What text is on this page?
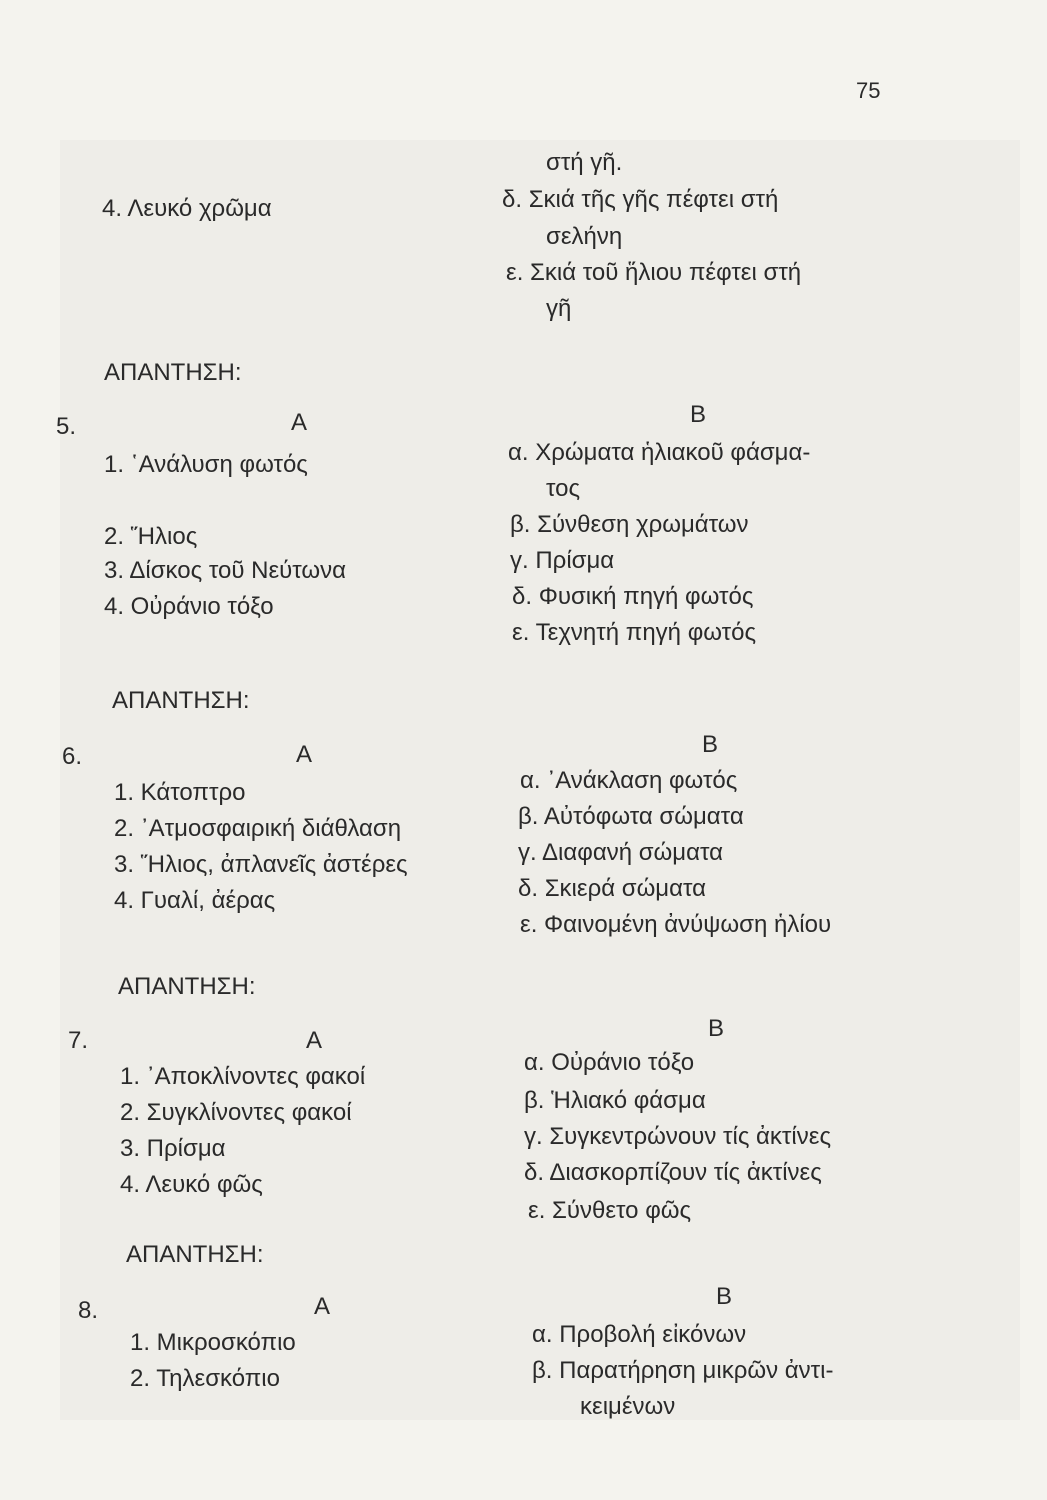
75
4. Λευκό χρῶμα
στή γῆ.
δ. Σκιά τῆς γῆς πέφτει στή
σελήνη
ε. Σκιά τοῦ ἥλιου πέφτει στή
γῆ
ΑΠΑΝΤΗΣΗ:
5.	Α	Β
1. ῾Ανάλυση φωτός
2. Ἥλιος
3. Δίσκος τοῦ Νεύτωνα
4. Οὐράνιο τόξο
α. Χρώματα ἡλιακοῦ φάσμα-
τος
β. Σύνθεση χρωμάτων
γ. Πρίσμα
δ. Φυσική πηγή φωτός
ε. Τεχνητή πηγή φωτός
ΑΠΑΝΤΗΣΗ:
6.	Α	Β
1. Κάτοπτρο
2. ᾿Ατμοσφαιρική διάθλαση
3. Ἥλιος, ἀπλανεῖς ἀστέρες
4. Γυαλί, ἀέρας
α. ᾿Ανάκλαση φωτός
β. Αὐτόφωτα σώματα
γ. Διαφανή σώματα
δ. Σκιερά σώματα
ε. Φαινομένη ἀνύψωση ἡλίου
ΑΠΑΝΤΗΣΗ:
7.	Α	Β
1. ᾿Αποκλίνοντες φακοί
2. Συγκλίνοντες φακοί
3. Πρίσμα
4. Λευκό φῶς
α. Οὐράνιο τόξο
β. Ἡλιακό φάσμα
γ. Συγκεντρώνουν τίς ἀκτίνες
δ. Διασκορπίζουν τίς ἀκτίνες
ε. Σύνθετο φῶς
ΑΠΑΝΤΗΣΗ:
8.	Α	Β
1. Μικροσκόπιο
2. Τηλεσκόπιο
α. Προβολή εἰκόνων
β. Παρατήρηση μικρῶν ἀντι-
κειμένων
